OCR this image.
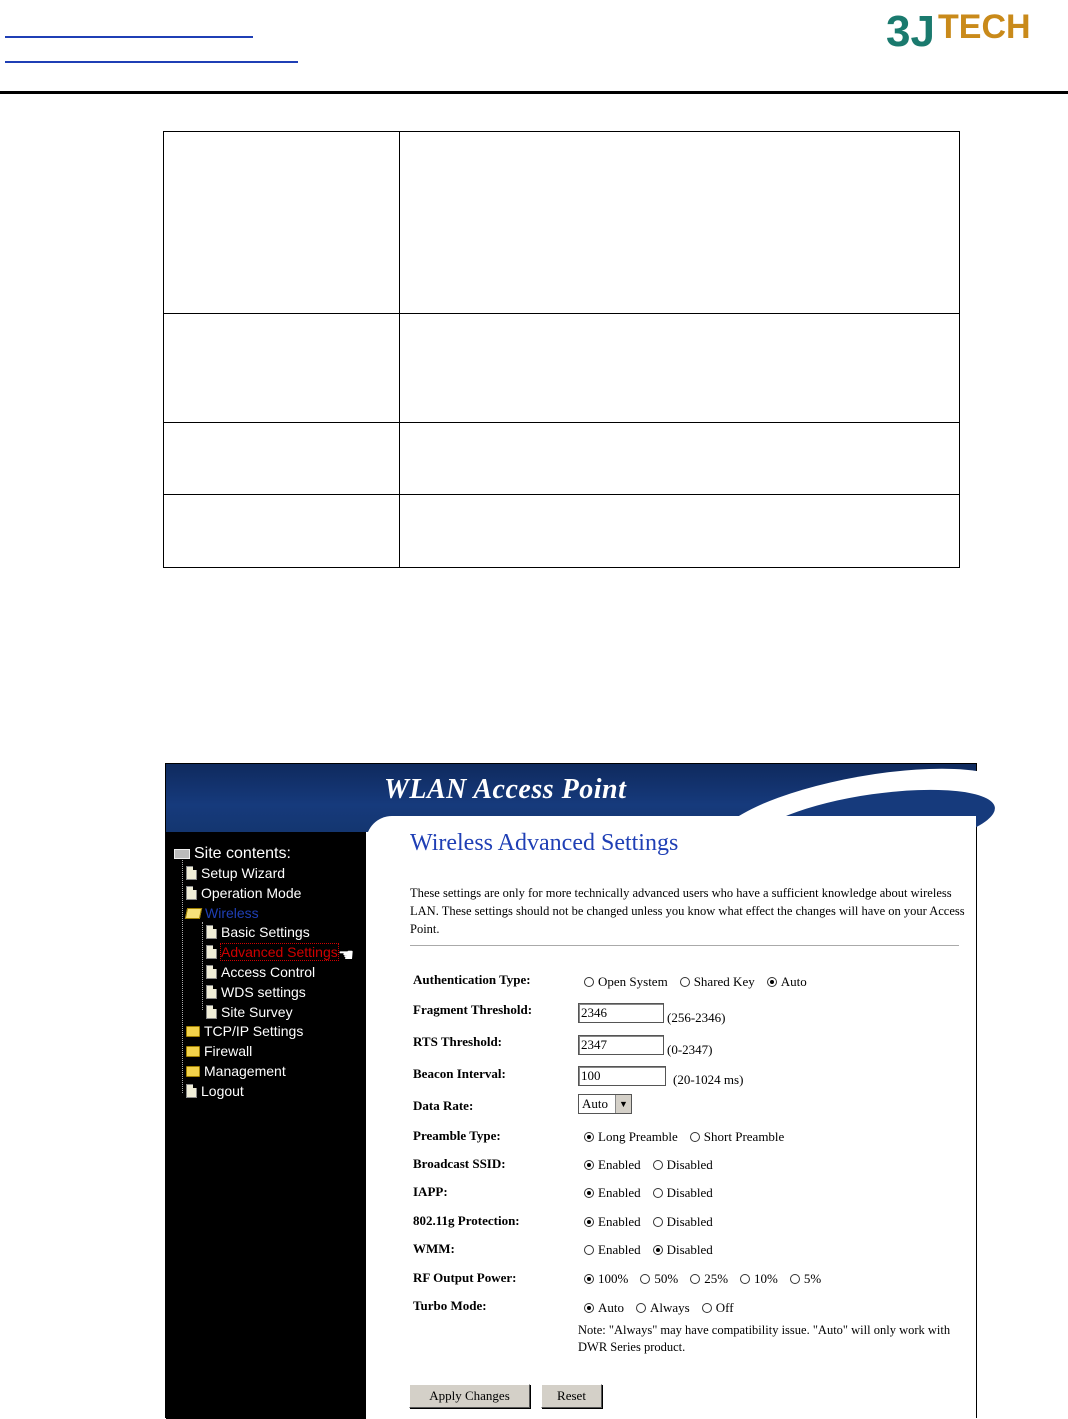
3J TECH

WLAN Access Point
Site contents:
Setup Wizard
Operation Mode
Wireless
Basic Settings
Advanced Settings
Access Control
WDS settings
Site Survey
TCP/IP Settings
Firewall
Management
Logout
☚
Wireless Advanced Settings
These settings are only for more technically advanced users who have a sufficient knowledge about wireless LAN. These settings should not be changed unless you know what effect the changes will have on your Access Point.
Authentication Type:	Open System Shared Key Auto
Fragment Threshold:	2346	(256-2346)
RTS Threshold:	2347	(0-2347)
Beacon Interval:	100	(20-1024 ms)
Data Rate:	Auto	▼
Preamble Type:	Long Preamble Short Preamble
Broadcast SSID:	Enabled Disabled
IAPP:	Enabled Disabled
802.11g Protection:	Enabled Disabled
WMM:	Enabled Disabled
RF Output Power:	100% 50% 25% 10% 5%
Turbo Mode:	Auto Always Off
Note: "Always" may have compatibility issue. "Auto" will only work with DWR Series product.
Apply Changes	Reset
